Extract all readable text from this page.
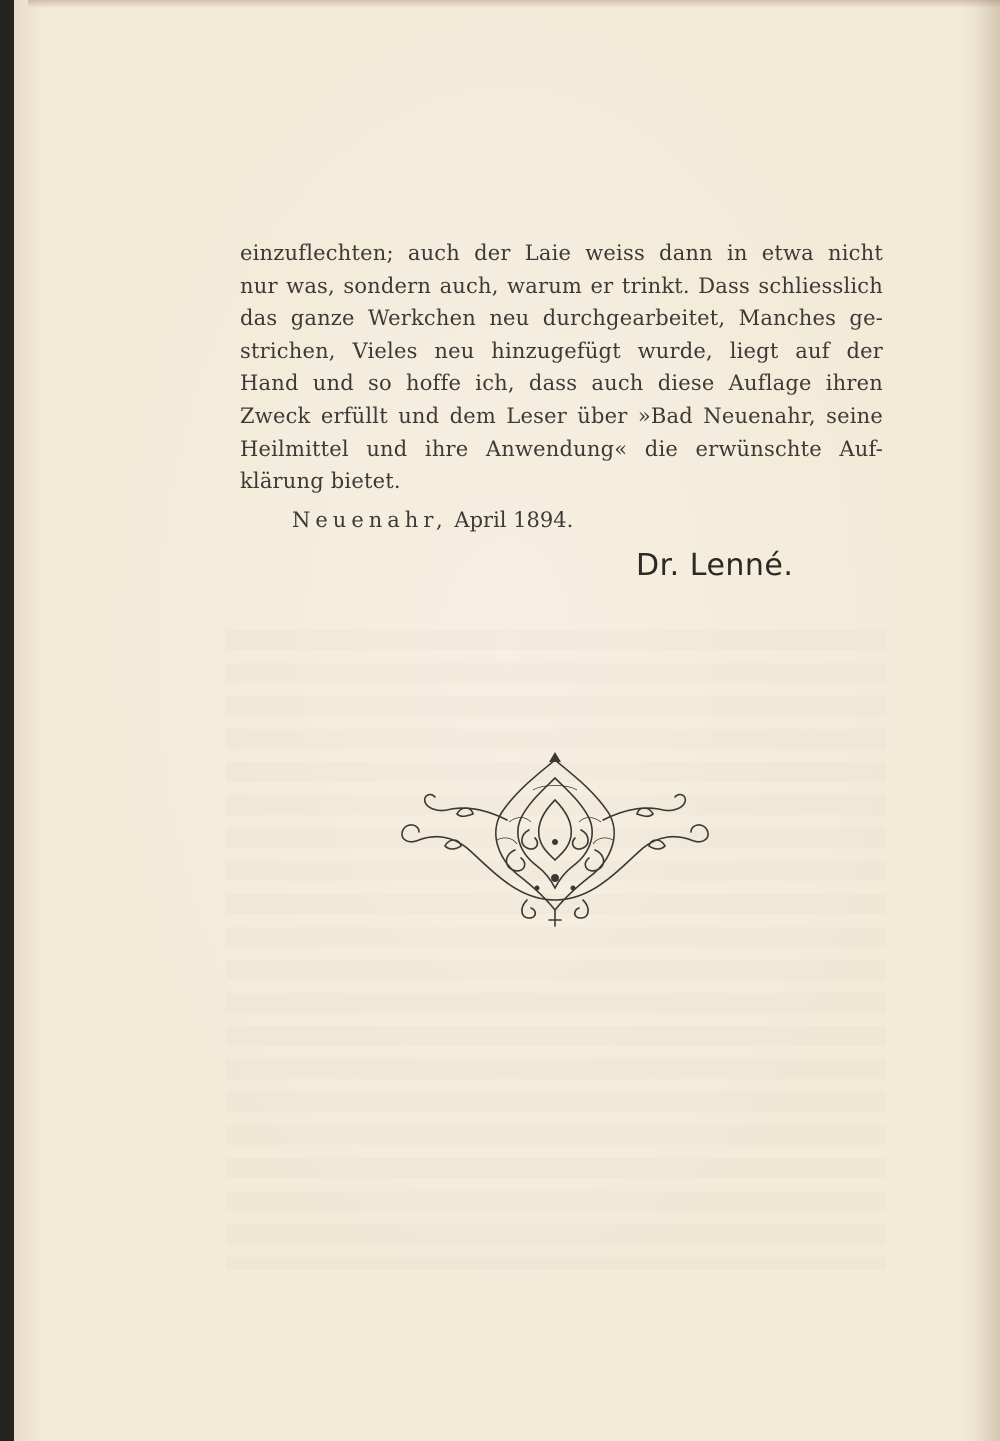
einzuflechten; auch der Laie weiss dann in etwa nicht
nur was, sondern auch, warum er trinkt. Dass schliesslich
das ganze Werkchen neu durchgearbeitet, Manches ge-
strichen, Vieles neu hinzugefügt wurde, liegt auf der
Hand und so hoffe ich, dass auch diese Auflage ihren
Zweck erfüllt und dem Leser über »Bad Neuenahr, seine
Heilmittel und ihre Anwendung« die erwünschte Auf-
klärung bietet.
Neuenahr, April 1894.
Dr. Lenné.
